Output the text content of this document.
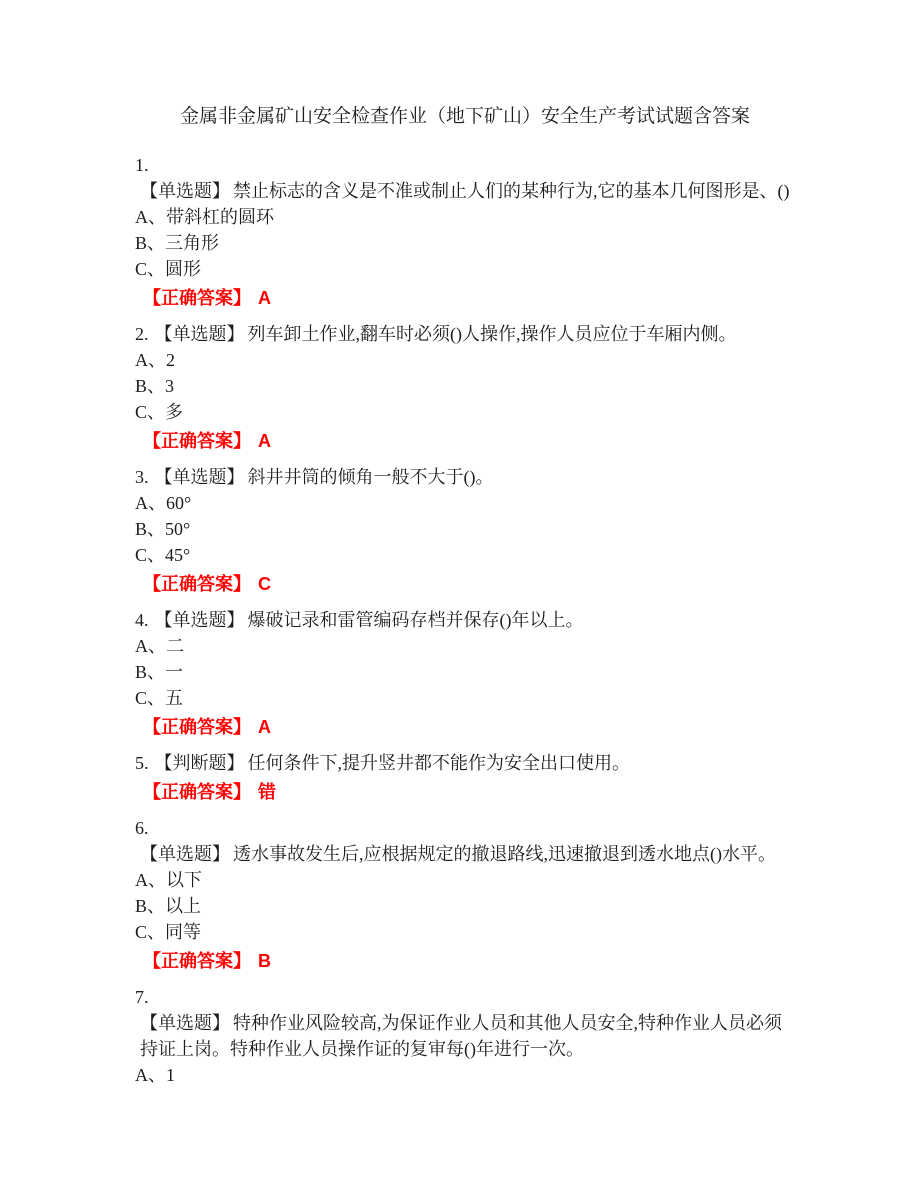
金属非金属矿山安全检查作业（地下矿山）安全生产考试试题含答案
1.
【单选题】 禁止标志的含义是不准或制止人们的某种行为,它的基本几何图形是、()
A、带斜杠的圆环
B、三角形
C、圆形
【正确答案】 A
2. 【单选题】 列车卸土作业,翻车时必须()人操作,操作人员应位于车厢内侧。
A、2
B、3
C、多
【正确答案】 A
3. 【单选题】 斜井井筒的倾角一般不大于()。
A、60°
B、50°
C、45°
【正确答案】 C
4. 【单选题】 爆破记录和雷管编码存档并保存()年以上。
A、二
B、一
C、五
【正确答案】 A
5. 【判断题】 任何条件下,提升竖井都不能作为安全出口使用。
【正确答案】 错
6.
【单选题】 透水事故发生后,应根据规定的撤退路线,迅速撤退到透水地点()水平。
A、以下
B、以上
C、同等
【正确答案】 B
7.
【单选题】 特种作业风险较高,为保证作业人员和其他人员安全,特种作业人员必须持证上岗。特种作业人员操作证的复审每()年进行一次。
A、1
